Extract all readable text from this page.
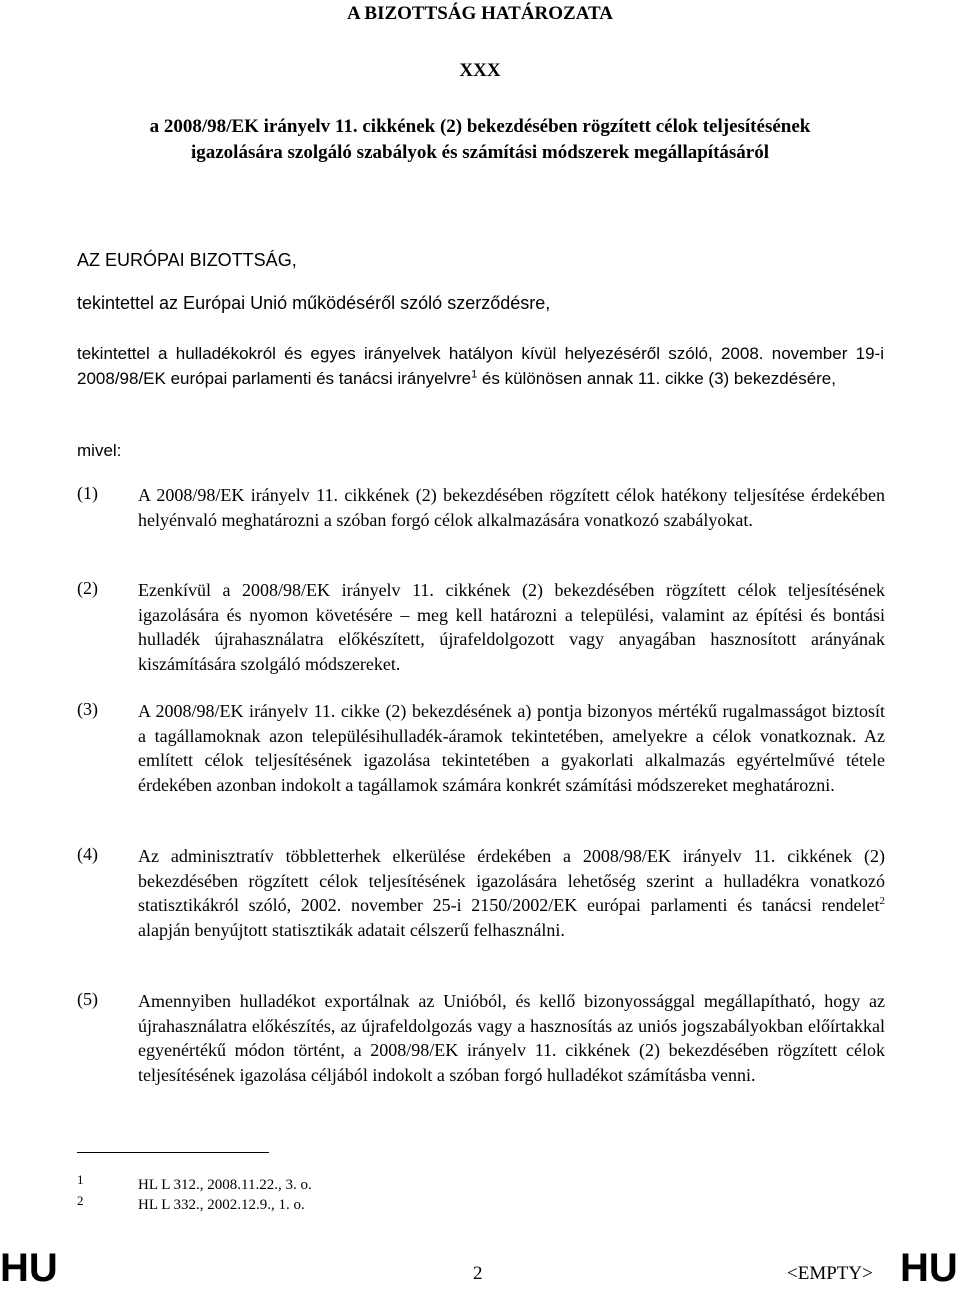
A BIZOTTSÁG HATÁROZATA
XXX
a 2008/98/EK irányelv 11. cikkének (2) bekezdésében rögzített célok teljesítésének
igazolására szolgáló szabályok és számítási módszerek megállapításáról
AZ EURÓPAI BIZOTTSÁG,
tekintettel az Európai Unió működéséről szóló szerződésre,
tekintettel a hulladékokról és egyes irányelvek hatályon kívül helyezéséről szóló, 2008. november 19-i 2008/98/EK európai parlamenti és tanácsi irányelvre$^1$ és különösen annak 11. cikke (3) bekezdésére,
mivel:
(1) A 2008/98/EK irányelv 11. cikkének (2) bekezdésében rögzített célok hatékony teljesítése érdekében helyénvaló meghatározni a szóban forgó célok alkalmazására vonatkozó szabályokat.
(2) Ezenkívül a 2008/98/EK irányelv 11. cikkének (2) bekezdésében rögzített célok teljesítésének igazolására és nyomon követésére – meg kell határozni a települési, valamint az építési és bontási hulladék újrahasználatra előkészített, újrafeldolgozott vagy anyagában hasznosított arányának kiszámítására szolgáló módszereket.
(3) A 2008/98/EK irányelv 11. cikke (2) bekezdésének a) pontja bizonyos mértékű rugalmasságot biztosít a tagállamoknak azon településihulladék-áramok tekintetében, amelyekre a célok vonatkoznak. Az említett célok teljesítésének igazolása tekintetében a gyakorlati alkalmazás egyértelművé tétele érdekében azonban indokolt a tagállamok számára konkrét számítási módszereket meghatározni.
(4) Az adminisztratív többletterhek elkerülése érdekében a 2008/98/EK irányelv 11. cikkének (2) bekezdésében rögzített célok teljesítésének igazolására lehetőség szerint a hulladékra vonatkozó statisztikákról szóló, 2002. november 25-i 2150/2002/EK európai parlamenti és tanácsi rendelet$^2$ alapján benyújtott statisztikák adatait célszerű felhasználni.
(5) Amennyiben hulladékot exportálnak az Unióból, és kellő bizonyossággal megállapítható, hogy az újrahasználatra előkészítés, az újrafeldolgozás vagy a hasznosítás az uniós jogszabályokban előírtakkal egyenértékű módon történt, a 2008/98/EK irányelv 11. cikkének (2) bekezdésében rögzített célok teljesítésének igazolása céljából indokolt a szóban forgó hulladékot számításba venni.
1	HL L 312., 2008.11.22., 3. o.
2	HL L 332., 2002.12.9., 1. o.
HU	2	<EMPTY> HU
